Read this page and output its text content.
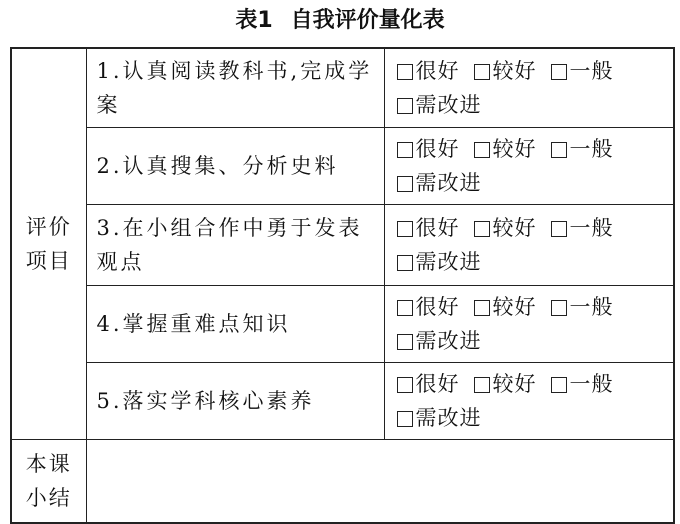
表1 自我评价量化表
评价
项目	1.认真阅读教科书,完成学案	很好 较好 一般需改进
	2.认真搜集、分析史料	很好 较好 一般需改进
	3.在小组合作中勇于发表观点	很好 较好 一般需改进
	4.掌握重难点知识	很好 较好 一般需改进
	5.落实学科核心素养	很好 较好 一般需改进

本课
小结		
